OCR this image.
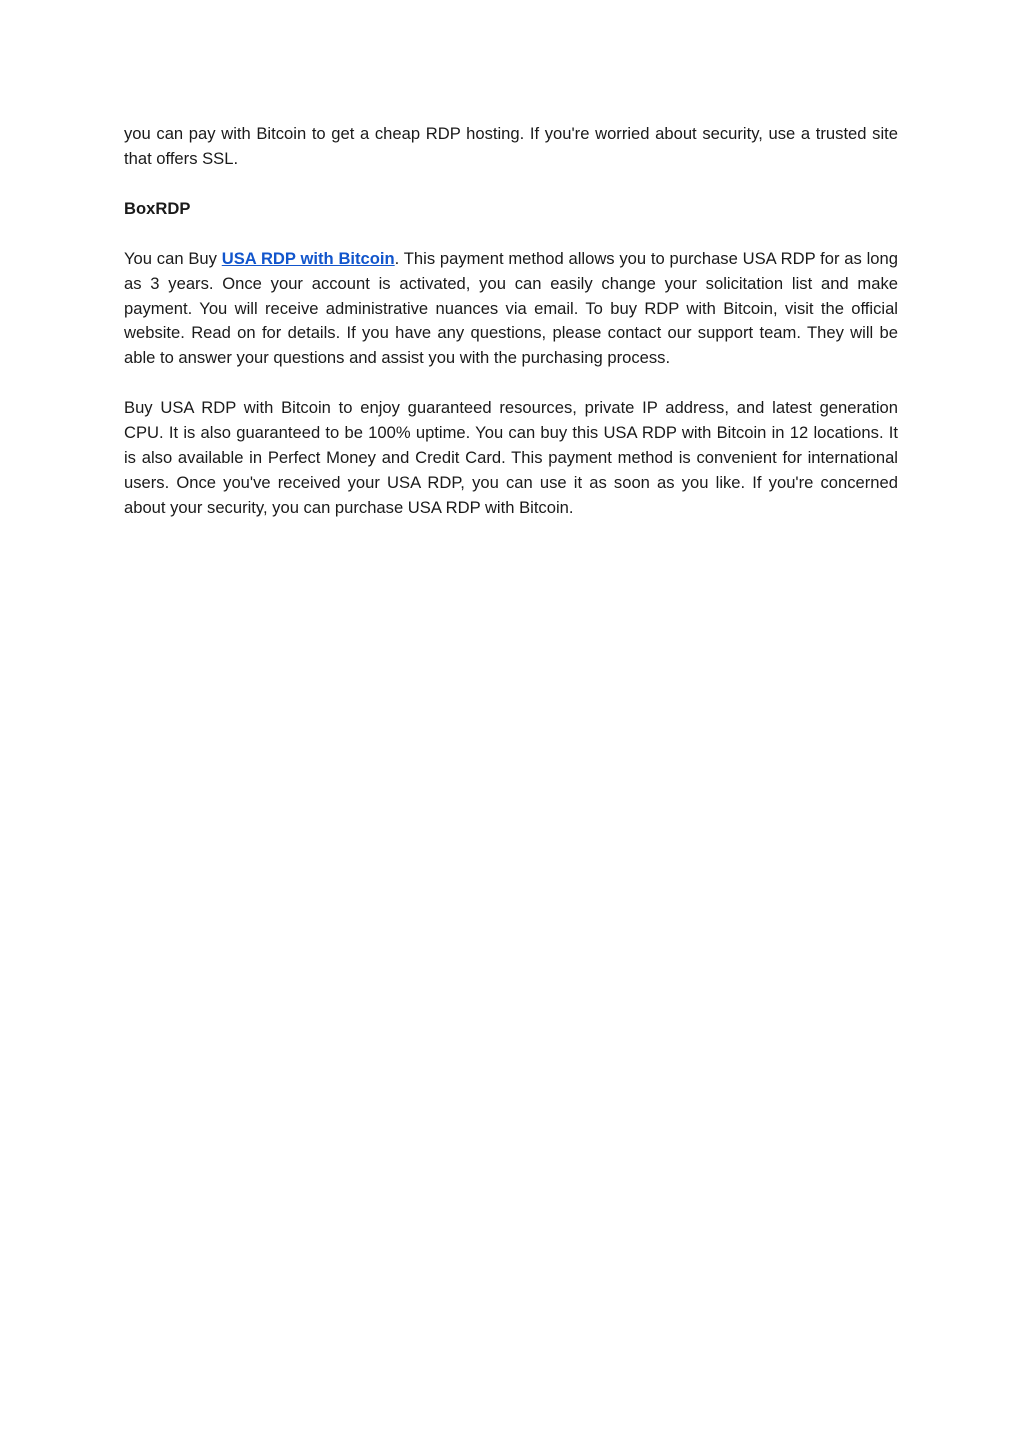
you can pay with Bitcoin to get a cheap RDP hosting. If you're worried about security, use a trusted site that offers SSL.

BoxRDP

You can Buy USA RDP with Bitcoin. This payment method allows you to purchase USA RDP for as long as 3 years. Once your account is activated, you can easily change your solicitation list and make payment. You will receive administrative nuances via email. To buy RDP with Bitcoin, visit the official website. Read on for details. If you have any questions, please contact our support team. They will be able to answer your questions and assist you with the purchasing process.

Buy USA RDP with Bitcoin to enjoy guaranteed resources, private IP address, and latest generation CPU. It is also guaranteed to be 100% uptime. You can buy this USA RDP with Bitcoin in 12 locations. It is also available in Perfect Money and Credit Card. This payment method is convenient for international users. Once you've received your USA RDP, you can use it as soon as you like. If you're concerned about your security, you can purchase USA RDP with Bitcoin.
